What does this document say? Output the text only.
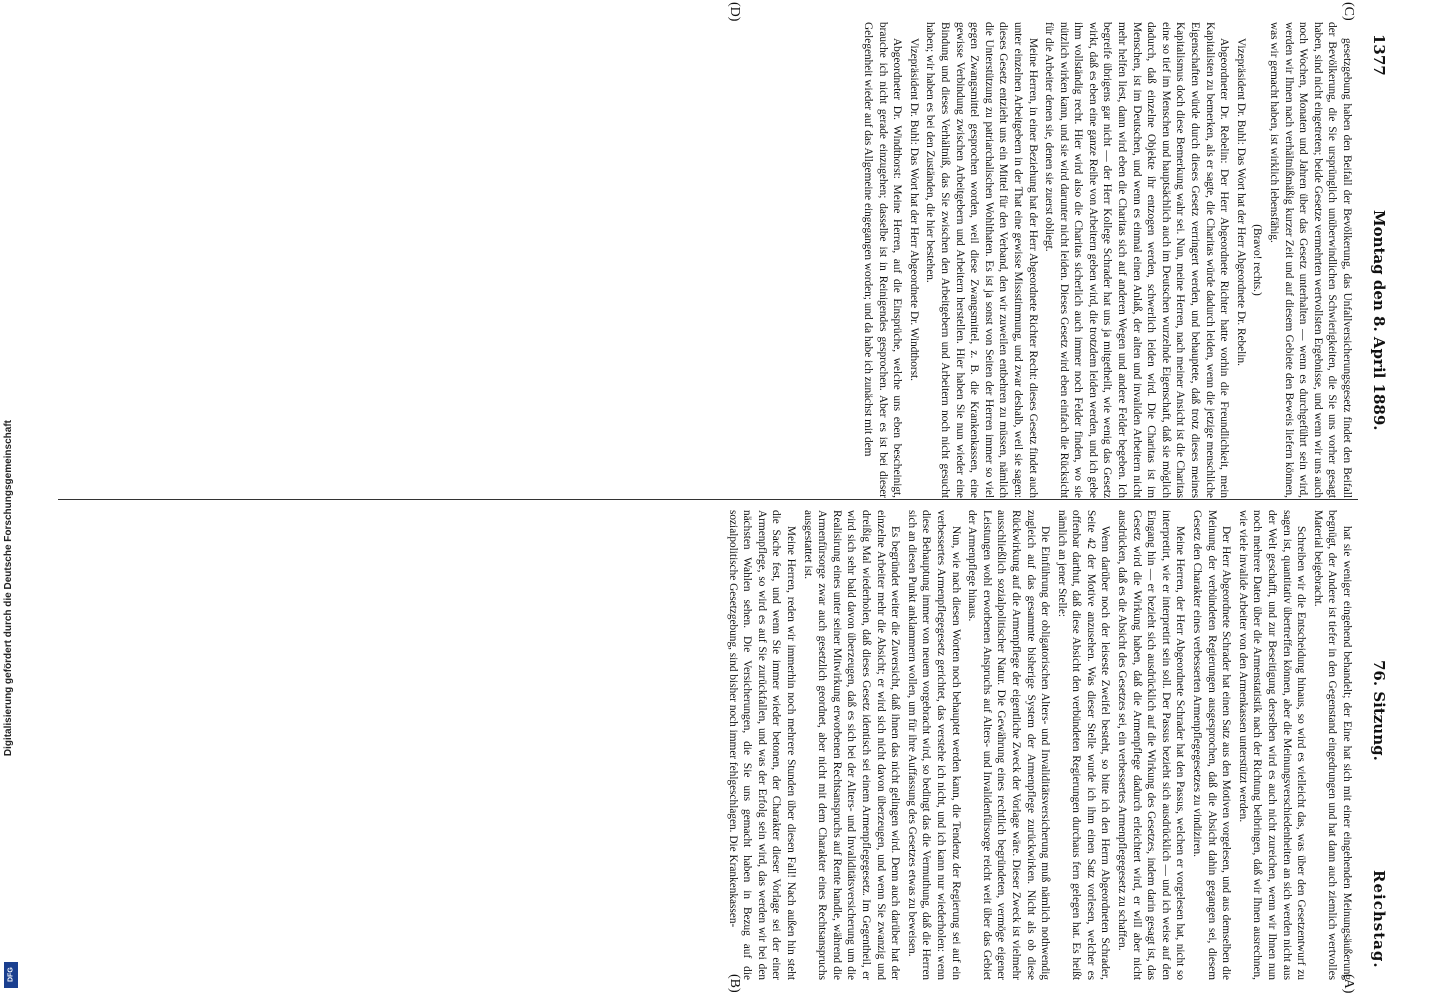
1377
Montag den 8. April 1889.
76. Sitzung.
Reichstag.
(C)
(D)
(A)
(B)

gesetzgebung haben den Beifall der Bevölkerung, das Unfallversicherungsgesetz findet den Beifall der Bevölkerung, die Sie ursprünglich unüberwindlichen Schwierigkeiten, die Sie uns vorher gesagt haben, sind nicht eingetreten; beide Gesetze vermehrten wertvollsten Ergebnisse, und wenn wir uns auch noch Wochen, Monaten und Jahren über das Gesetz unterhalten — wenn es durchgeführt sein wird, werden wir Ihnen nach verhältnißmäßig kurzer Zeit und auf diesem Gebiete den Beweis liefern können, was wir gemacht haben, ist wirklich lebensfähig.

(Bravo! rechts.)

Vizepräsident Dr. Buhl: Das Wort hat der Herr Abgeordnete Dr. Rebelin.

Abgeordneter Dr. Rebelin: Der Herr Abgeordnete Richter hatte vorhin die Freundlichkeit, mein Kapitalisten zu bemerken, als er sagte, die Charitas würde dadurch leiden, wenn die jetzige menschliche Eigenschaften würde durch dieses Gesetz verringert werden, und behauptete, daß trotz dieses meines Kapitalismus doch diese Bemerkung wahr sei. Nun, meine Herren, nach meiner Ansicht ist die Charitas eine so tief im Menschen und hauptsächlich auch im Deutschen wurzelnde Eigenschaft, daß sie möglich dadurch, daß einzelne Objekte ihr entzogen werden, schwerlich leiden wird. Die Charitas ist im Menschen, ist im Deutschen, und wenn es einmal einen Anlaß, der alten und invaliden Arbeitern nicht mehr helfen liest, dann wird eben die Charitas sich auf anderen Wegen und andere Felder begeben. Ich begreife übrigens gar nicht — der Herr Kollege Schrader hat uns ja mitgetheilt, wie wenig das Gesetz wirkt, daß es eben eine ganze Reihe von Arbeitern geben wird, die trotzdem leiden werden, und ich gebe ihm vollständig recht. Hier wird also die Charitas sicherlich auch immer noch Felder finden, wo sie nützlich wirken kann, und sie wird darunter nicht leiden. Dieses Gesetz wird eben einfach die Rücksicht für die Arbeiter denen sie, denen sie zuerst obliegt.

Meine Herren, in einer Beziehung hat der Herr Abgeordnete Richter Recht: dieses Gesetz findet auch unter einzelnen Arbeitgebern in der That eine gewisse Missstimmung, und zwar deshalb, weil sie sagen: dieses Gesetz entzieht uns ein Mittel für den Verband, den wir zuweilen entbehren zu müssen, nämlich die Unterstützung zu patriarchalischen Wohlthaten. Es ist ja sonst von Seiten der Herren immer so viel gegen Zwangsmittel gesprochen worden, weil diese Zwangsmittel, z. B. die Krankenkassen, eine gewisse Verbindung zwischen Arbeitgebern und Arbeitern herstellen. Hier haben Sie nun wieder eine Bindung und dieses Verhältniß, das Sie zwischen den Arbeitgebern und Arbeitern noch nicht gesucht haben; wir haben es bei den Zuständen, die hier bestehen.

Vizepräsident Dr. Buhl: Das Wort hat der Herr Abgeordnete Dr. Windthorst.

Abgeordneter Dr. Windthorst: Meine Herren, auf die Einsprüche, welche uns eben bescheinigt, brauche ich nicht gerade einzugehen; dasselbe ist in Reinigendes gesprochen. Aber es ist bei dieser Gelegenheit wieder auf das Allgemeine eingegangen worden; und da habe ich zunächst mit dem

hat sie weniger eingehend behandelt; der Eine hat sich mit einer eingehenden Meinungsäußerung begnügt, der Andere ist tiefer in den Gegenstand eingedrungen und hat dann auch ziemlich wertvolles Material beigebracht.

Schreiben wir die Entscheidung hinaus, so wird es vielleicht das, was über den Gesetzentwurf zu sagen ist, quantitativ übertreffen können, aber die Meinungsverschiedenheiten an sich werden nicht aus der Welt geschafft, und zur Beseitigung derselben wird es auch nicht zureichen, wenn wir Ihnen nun noch mehrere Daten über die Armenstatistik nach der Richtung beibringen, daß wir Ihnen ausrechnen, wie viele invalide Arbeiter von den Armenkassen unterstützt werden.

Der Herr Abgeordnete Schrader hat einen Satz aus den Motiven vorgelesen, und aus demselben die Meinung der verbündeten Regierungen ausgesprochen, daß die Absicht dahin gegangen sei, diesem Gesetz den Charakter eines verbesserten Armenpflegegesetzes zu vindiziren.

Meine Herren, der Herr Abgeordnete Schrader hat den Passus, welchen er vorgelesen hat, nicht so interpretirt, wie er interpretirt sein soll. Der Passus bezieht sich ausdrücklich — und ich weise auf den Eingang hin — er bezieht sich ausdrücklich auf die Wirkung des Gesetzes, indem darin gesagt ist, das Gesetz wird die Wirkung haben, daß die Armenpflege dadurch erleichtert wird, er will aber nicht ausdrücken, daß es die Absicht des Gesetzes sei, ein verbessertes Armenpflegegesetz zu schaffen.

Wenn darüber noch der leiseste Zweifel besteht, so bitte ich den Herrn Abgeordneten Schrader, Seite 42 der Motive anzusehen. Was dieser Stelle wurde ich ihm einen Satz vorlesen, welcher es offenbar darthut, daß diese Absicht den verbündeten Regierungen durchaus fern gelegen hat. Es heißt nämlich an jener Stelle:

Die Einführung der obligatorischen Alters- und Invaliditätsversicherung muß nämlich nothwendig zugleich auf das gesammte bisherige System der Armenpflege zurückwirken. Nicht als ob diese Rückwirkung auf die Armenpflege der eigentliche Zweck der Vorlage wäre. Dieser Zweck ist vielmehr ausschließlich sozialpolitischer Natur. Die Gewährung eines rechtlich begründeten, vermöge eigener Leistungen wohl erworbenen Anspruchs auf Alters- und Invalidenfürsorge reicht weit über das Gebiet der Armenpflege hinaus.

Nun, wie nach diesen Worten noch behauptet werden kann, die Tendenz der Regierung sei auf ein verbessertes Armenpflegegesetz gerichtet, das verstehe ich nicht, und ich kann nur wiederholen: wenn diese Behauptung immer von neuem vorgebracht wird, so bedingt das die Vermuthung, daß die Herren sich an diesen Punkt anklammern wollen, um für ihre Auffassung des Gesetzes etwas zu beweisen.

Es begründet weiter die Zuversicht, daß ihnen das nicht gelingen wird. Denn auch darüber hat der einzelne Arbeiter mehr die Absicht; er wird sich nicht davon überzeugen, und wenn Sie zwanzig und dreißig Mal wiederholen, daß dieses Gesetz identisch sei einem Armenpflegegesetz. Im Gegentheil, er wird sich sehr bald davon überzeugen, daß es sich bei der Alters- und Invaliditätsversicherung um die Realisirung eines unter seiner Mitwirkung erworbenen Rechtsanspruchs auf Rente handle, während die Armenfürsorge zwar auch gesetzlich geordnet, aber nicht mit dem Charakter eines Rechtsanspruchs ausgestattet ist.

Meine Herren, reden wir immerhin noch mehrere Stunden über diesen Fall! Nach außen hin steht die Sache fest, und wenn Sie immer wieder betonen, der Charakter dieser Vorlage sei der einer Armenpflege, so wird es auf Sie zurückfallen, und was der Erfolg sein wird, das werden wir bei den nächsten Wahlen sehen. Die Versicherungen, die Sie uns gemacht haben in Bezug auf die sozialpolitische Gesetzgebung, sind bisher noch immer fehlgeschlagen. Die Krankenkassen-

Digitalisierung gefördert durch die Deutsche Forschungsgemeinschaft
DFG
